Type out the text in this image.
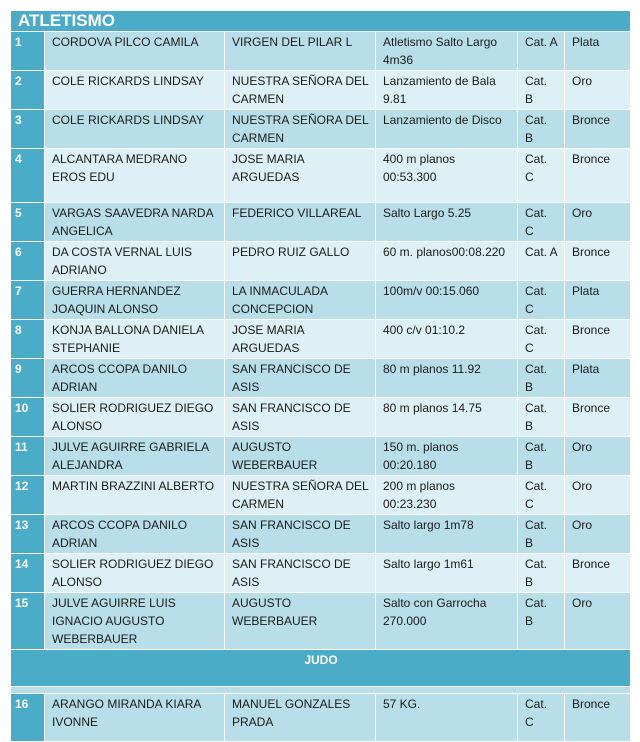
ATLETISMO					
1	CORDOVA PILCO CAMILA	VIRGEN DEL PILAR L	Atletismo Salto Largo 4m36	Cat. A	Plata
2	COLE RICKARDS LINDSAY	NUESTRA SEÑORA DEL CARMEN	Lanzamiento de Bala 9.81	Cat. B	Oro
3	COLE RICKARDS LINDSAY	NUESTRA SEÑORA DEL CARMEN	Lanzamiento de Disco	Cat. B	Bronce
4	ALCANTARA MEDRANO EROS EDU	JOSE MARIA ARGUEDAS	400 m planos 00:53.300	Cat. C	Bronce
5	VARGAS SAAVEDRA NARDA ANGELICA	FEDERICO VILLAREAL	Salto Largo 5.25	Cat. C	Oro
6	DA COSTA VERNAL LUIS ADRIANO	PEDRO RUIZ GALLO	60 m. planos00:08.220	Cat. A	Bronce
7	GUERRA HERNANDEZ JOAQUIN ALONSO	LA INMACULADA CONCEPCION	100m/v 00:15.060	Cat. C	Plata
8	KONJA BALLONA DANIELA STEPHANIE	JOSE MARIA ARGUEDAS	400 c/v 01:10.2	Cat. C	Bronce
9	ARCOS CCOPA DANILO ADRIAN	SAN FRANCISCO DE ASIS	80 m planos 11.92	Cat. B	Plata
10	SOLIER RODRIGUEZ DIEGO ALONSO	SAN FRANCISCO DE ASIS	80 m planos 14.75	Cat. B	Bronce
11	JULVE AGUIRRE GABRIELA ALEJANDRA	AUGUSTO WEBERBAUER	150 m. planos 00:20.180	Cat. B	Oro
12	MARTIN BRAZZINI ALBERTO	NUESTRA SEÑORA DEL CARMEN	200 m planos 00:23.230	Cat. C	Oro
13	ARCOS CCOPA DANILO ADRIAN	SAN FRANCISCO DE ASIS	Salto largo 1m78	Cat. B	Oro
14	SOLIER RODRIGUEZ DIEGO ALONSO	SAN FRANCISCO DE ASIS	Salto largo 1m61	Cat. B	Bronce
15	JULVE AGUIRRE LUIS IGNACIO AUGUSTO WEBERBAUER	AUGUSTO WEBERBAUER	Salto con Garrocha 270.000	Cat. B	Oro
JUDO					

16	ARANGO MIRANDA KIARA IVONNE	MANUEL GONZALES PRADA	57 KG.	Cat. C	Bronce
